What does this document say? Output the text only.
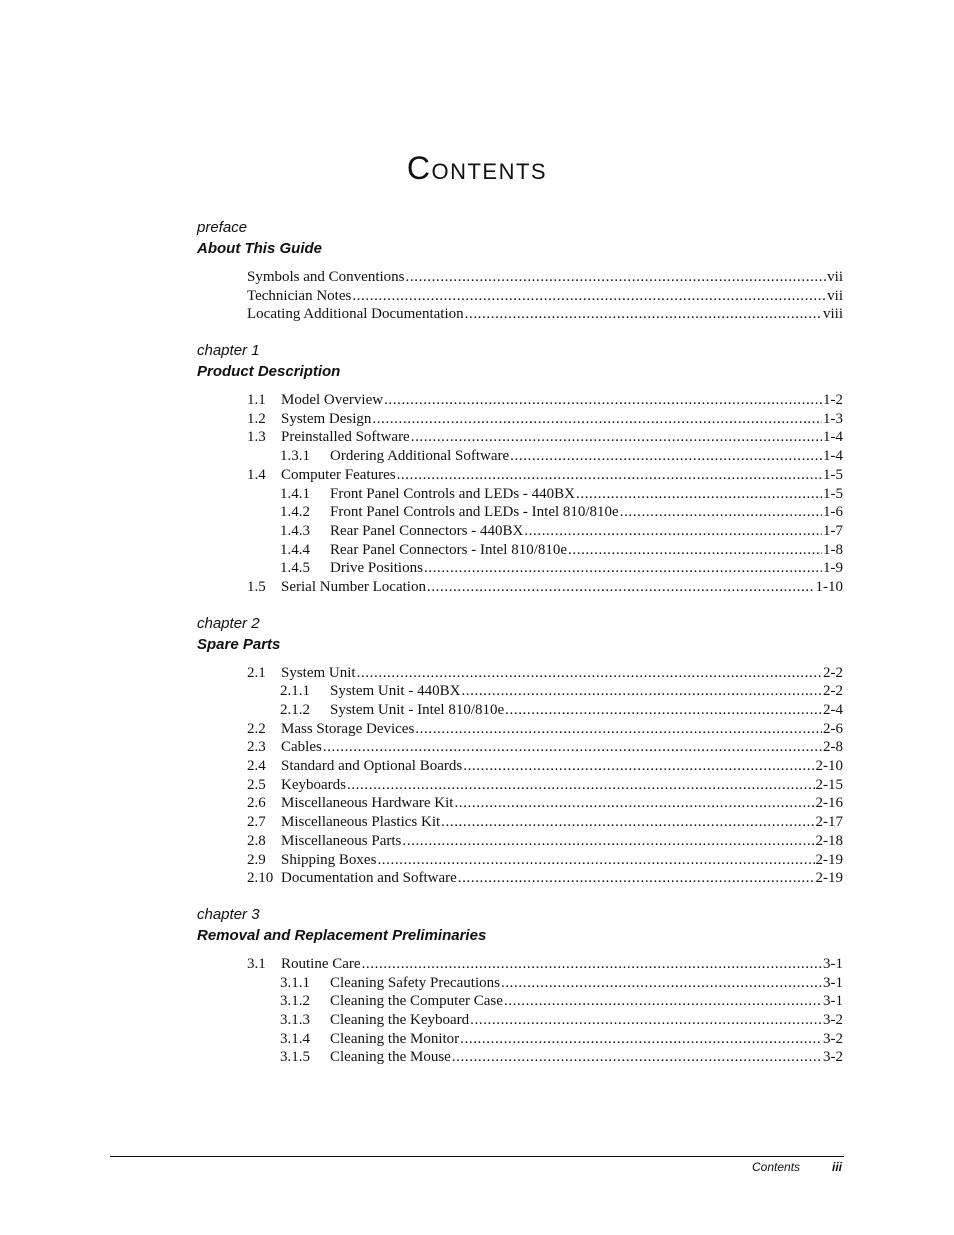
Contents
preface
About This Guide
Symbols and Conventions .....	vii
Technician Notes .....	vii
Locating Additional Documentation .....	viii
chapter 1
Product Description
1.1	Model Overview .....	1-2
1.2	System Design .....	1-3
1.3	Preinstalled Software .....	1-4
1.3.1	Ordering Additional Software .....	1-4
1.4	Computer Features .....	1-5
1.4.1	Front Panel Controls and LEDs - 440BX .....	1-5
1.4.2	Front Panel Controls and LEDs - Intel 810/810e .....	1-6
1.4.3	Rear Panel Connectors - 440BX .....	1-7
1.4.4	Rear Panel Connectors - Intel 810/810e .....	1-8
1.4.5	Drive Positions .....	1-9
1.5	Serial Number Location .....	1-10
chapter 2
Spare Parts
2.1	System Unit .....	2-2
2.1.1	System Unit - 440BX .....	2-2
2.1.2	System Unit - Intel 810/810e .....	2-4
2.2	Mass Storage Devices .....	2-6
2.3	Cables .....	2-8
2.4	Standard and Optional Boards .....	2-10
2.5	Keyboards .....	2-15
2.6	Miscellaneous Hardware Kit .....	2-16
2.7	Miscellaneous Plastics Kit .....	2-17
2.8	Miscellaneous Parts .....	2-18
2.9	Shipping Boxes .....	2-19
2.10 Documentation and Software .....	2-19
chapter 3
Removal and Replacement Preliminaries
3.1	Routine Care .....	3-1
3.1.1	Cleaning Safety Precautions .....	3-1
3.1.2	Cleaning the Computer Case .....	3-1
3.1.3	Cleaning the Keyboard .....	3-2
3.1.4	Cleaning the Monitor .....	3-2
3.1.5	Cleaning the Mouse .....	3-2
Contents	iii
